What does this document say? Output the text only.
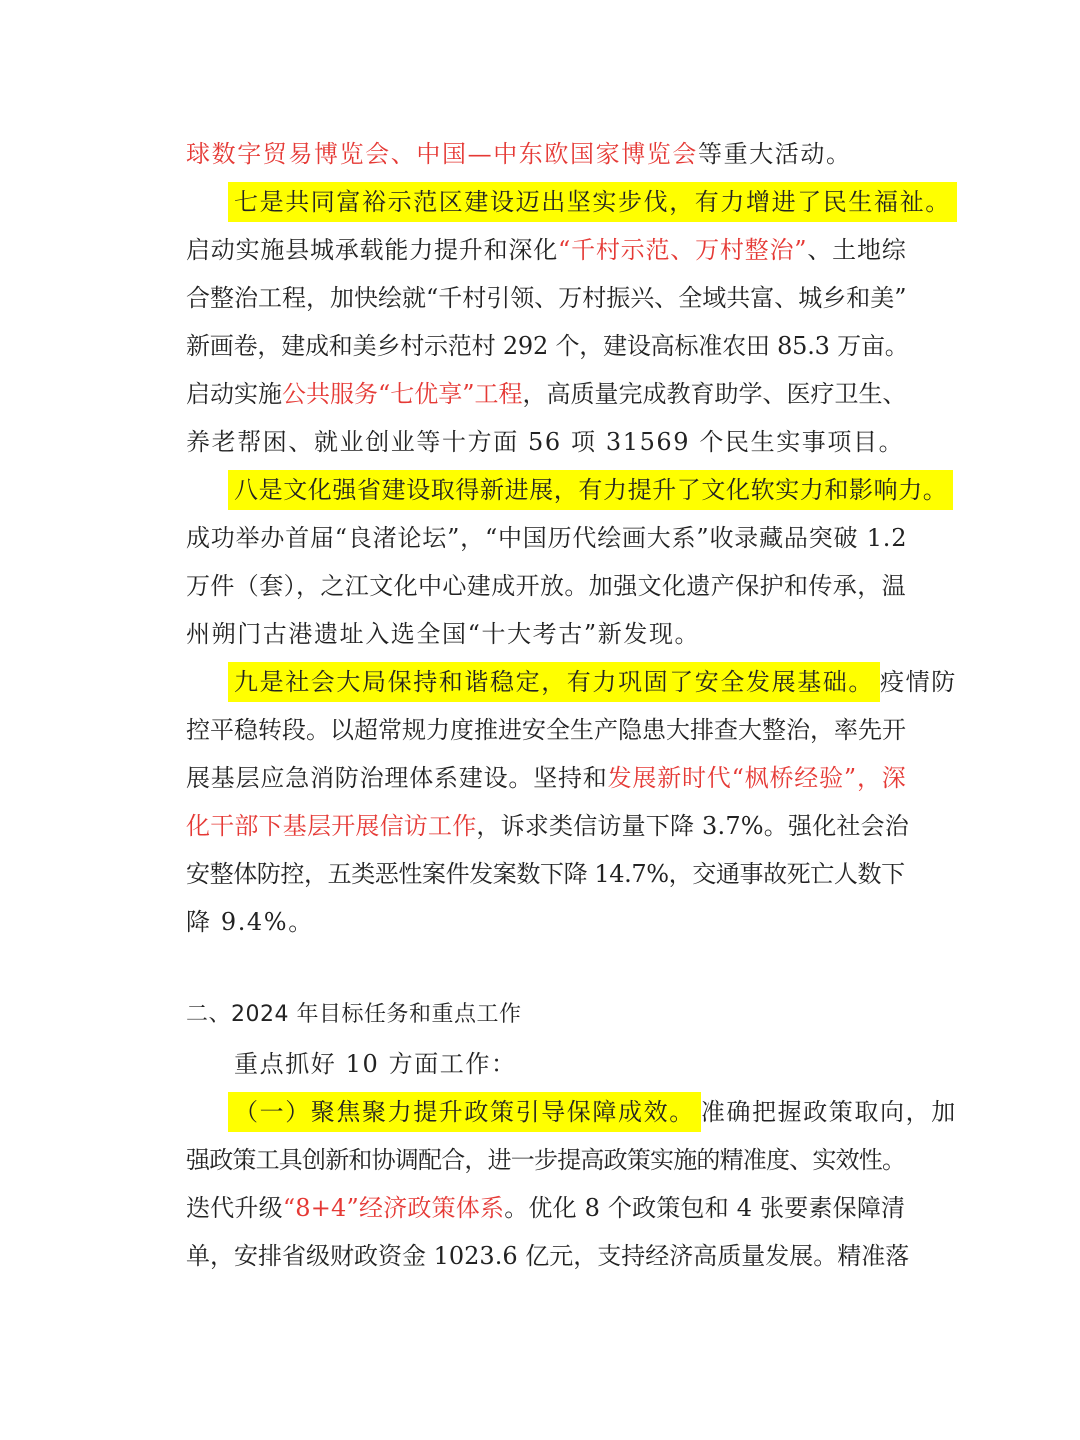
球数字贸易博览会、中国—中东欧国家博览会等重大活动。
七是共同富裕示范区建设迈出坚实步伐，有力增进了民生福祉。
启动实施县城承载能力提升和深化“千村示范、万村整治”、土地综
合整治工程，加快绘就“千村引领、万村振兴、全域共富、城乡和美”
新画卷，建成和美乡村示范村 292 个，建设高标准农田 85.3 万亩。
启动实施公共服务“七优享”工程，高质量完成教育助学、医疗卫生、
养老帮困、就业创业等十方面 56 项 31569 个民生实事项目。
八是文化强省建设取得新进展，有力提升了文化软实力和影响力。
成功举办首届“良渚论坛”，“中国历代绘画大系”收录藏品突破 1.2
万件（套），之江文化中心建成开放。加强文化遗产保护和传承，温
州朔门古港遗址入选全国“十大考古”新发现。
九是社会大局保持和谐稳定，有力巩固了安全发展基础。 疫情防
控平稳转段。以超常规力度推进安全生产隐患大排查大整治，率先开
展基层应急消防治理体系建设。坚持和发展新时代“枫桥经验”，深
化干部下基层开展信访工作，诉求类信访量下降 3.7%。强化社会治
安整体防控，五类恶性案件发案数下降 14.7%，交通事故死亡人数下
降 9.4%。
二、2024 年目标任务和重点工作
重点抓好 10 方面工作：
（一）聚焦聚力提升政策引导保障成效。 准确把握政策取向，加
强政策工具创新和协调配合，进一步提高政策实施的精准度、实效性。
迭代升级“8+4”经济政策体系。优化 8 个政策包和 4 张要素保障清
单，安排省级财政资金 1023.6 亿元，支持经济高质量发展。精准落
